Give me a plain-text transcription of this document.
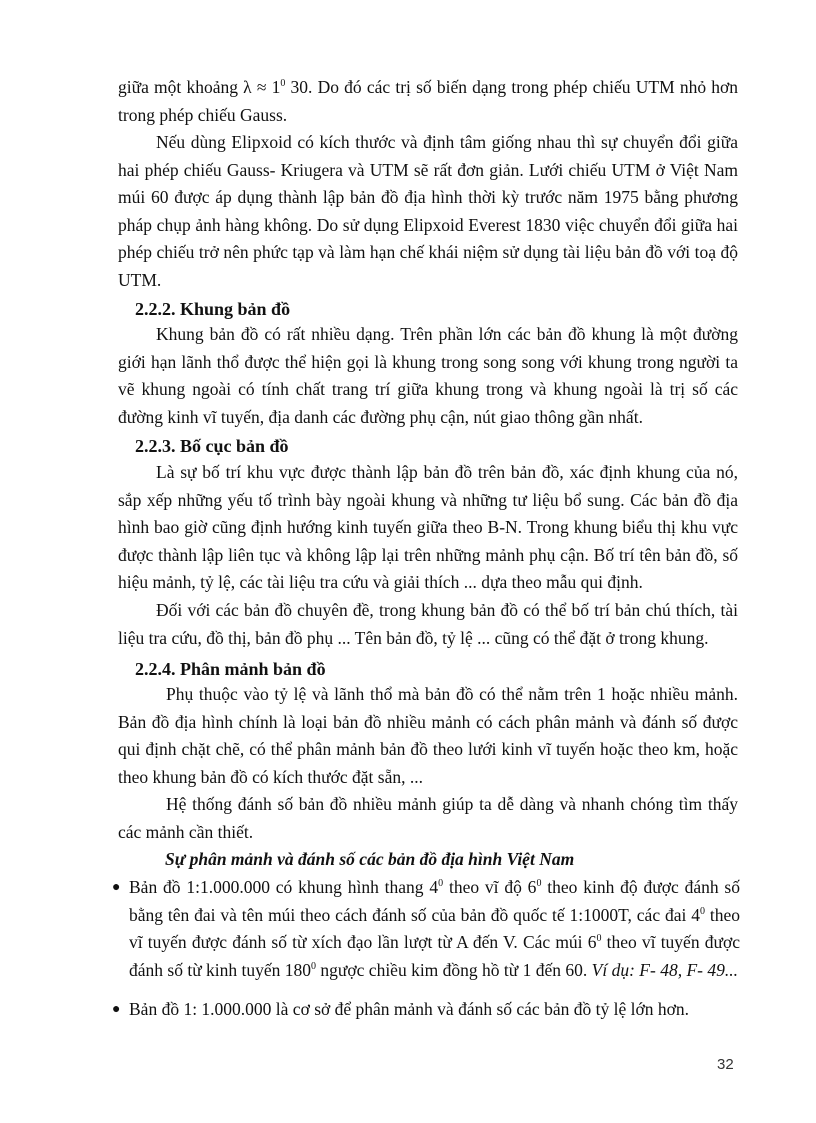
giữa một khoảng $\lambda \approx 1^0$ 30. Do đó các trị số biến dạng trong phép chiếu UTM nhỏ hơn trong phép chiếu Gauss.

Nếu dùng Elipxoid có kích thước và định tâm giống nhau thì sự chuyển đổi giữa hai phép chiếu Gauss- Kriugera và UTM sẽ rất đơn giản. Lưới chiếu UTM ở Việt Nam múi 60 được áp dụng thành lập bản đồ địa hình thời kỳ trước năm 1975 bằng phương pháp chụp ảnh hàng không. Do sử dụng Elipxoid Everest 1830 việc chuyển đổi giữa hai phép chiếu trở nên phức tạp và làm hạn chế khái niệm sử dụng tài liệu bản đồ với toạ độ UTM.

2.2.2. Khung bản đồ

Khung bản đồ có rất nhiều dạng. Trên phần lớn các bản đồ khung là một đường giới hạn lãnh thổ được thể hiện gọi là khung trong song song với khung trong người ta vẽ khung ngoài có tính chất trang trí giữa khung trong và khung ngoài là trị số các đường kinh vĩ tuyến, địa danh các đường phụ cận, nút giao thông gần nhất.

2.2.3. Bố cục bản đồ

Là sự bố trí khu vực được thành lập bản đồ trên bản đồ, xác định khung của nó, sắp xếp những yếu tố trình bày ngoài khung và những tư liệu bổ sung. Các bản đồ địa hình bao giờ cũng định hướng kinh tuyến giữa theo B-N. Trong khung biểu thị khu vực được thành lập liên tục và không lập lại trên những mảnh phụ cận. Bố trí tên bản đồ, số hiệu mảnh, tỷ lệ, các tài liệu tra cứu và giải thích ... dựa theo mẫu qui định.

Đối với các bản đồ chuyên đề, trong khung bản đồ có thể bố trí bản chú thích, tài liệu tra cứu, đồ thị, bản đồ phụ ... Tên bản đồ, tỷ lệ ... cũng có thể đặt ở trong khung.

2.2.4. Phân mảnh bản đồ

Phụ thuộc vào tỷ lệ và lãnh thổ mà bản đồ có thể nằm trên 1 hoặc nhiều mảnh. Bản đồ địa hình chính là loại bản đồ nhiều mảnh có cách phân mảnh và đánh số được qui định chặt chẽ, có thể phân mảnh bản đồ theo lưới kinh vĩ tuyến hoặc theo km, hoặc theo khung bản đồ có kích thước đặt sẵn, ...

Hệ thống đánh số bản đồ nhiều mảnh giúp ta dễ dàng và nhanh chóng tìm thấy các mảnh cần thiết.

Sự phân mảnh và đánh số các bản đồ địa hình Việt Nam

● Bản đồ 1:1.000.000 có khung hình thang $4^0$ theo vĩ độ $6^0$ theo kinh độ được đánh số bằng tên đai và tên múi theo cách đánh số của bản đồ quốc tế 1:1000T, các đai $4^0$ theo vĩ tuyến được đánh số từ xích đạo lần lượt từ A đến V. Các múi $6^0$ theo vĩ tuyến được đánh số từ kinh tuyến $180^0$ ngược chiều kim đồng hồ từ 1 đến 60. Ví dụ: F- 48, F- 49...
● Bản đồ 1: 1.000.000 là cơ sở để phân mảnh và đánh số các bản đồ tỷ lệ lớn hơn.
32
